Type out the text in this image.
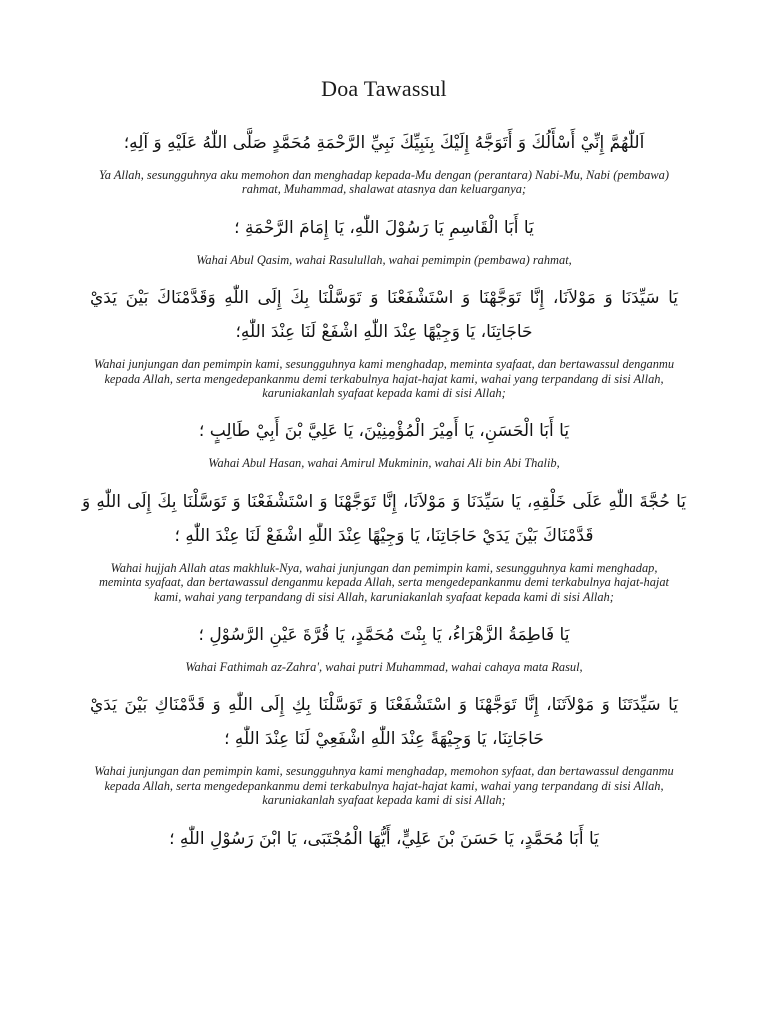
Doa Tawassul

اَللّٰهُمَّ إِنِّيْ أَسْأَلُكَ وَ أَتَوَجَّهُ إِلَيْكَ بِنَبِيِّكَ نَبِيِّ الرَّحْمَةِ مُحَمَّدٍ صَلَّى اللّٰهُ عَلَيْهِ وَ آلِهِ؛

Ya Allah, sesungguhnya aku memohon dan menghadap kepada-Mu dengan (perantara) Nabi-Mu, Nabi (pembawa) rahmat, Muhammad, shalawat atasnya dan keluarganya;

يَا أَبَا الْقَاسِمِ يَا رَسُوْلَ اللّٰهِ، يَا إِمَامَ الرَّحْمَةِ ؛

Wahai Abul Qasim, wahai Rasulullah, wahai pemimpin (pembawa) rahmat,

يَا سَيِّدَنَا وَ مَوْلاَنَا، إِنَّا تَوَجَّهْنَا وَ اسْتَشْفَعْنَا وَ تَوَسَّلْنَا بِكَ إِلَى اللّٰهِ وَقَدَّمْنَاكَ بَيْنَ يَدَيْ حَاجَاتِنَا، يَا وَجِيْهًا عِنْدَ اللّٰهِ اشْفَعْ لَنَا عِنْدَ اللّٰهِ؛

Wahai junjungan dan pemimpin kami, sesungguhnya kami menghadap, meminta syafaat, dan bertawassul denganmu kepada Allah, serta mengedepankanmu demi terkabulnya hajat-hajat kami, wahai yang terpandang di sisi Allah, karuniakanlah syafaat kepada kami di sisi Allah;

يَا أَبَا الْحَسَنِ، يَا أَمِيْرَ الْمُؤْمِنِيْنَ، يَا عَلِيَّ بْنَ أَبِيْ طَالِبٍ ؛

Wahai Abul Hasan, wahai Amirul Mukminin, wahai Ali bin Abi Thalib,

يَا حُجَّةَ اللّٰهِ عَلَى خَلْقِهِ، يَا سَيِّدَنَا وَ مَوْلاَنَا، إِنَّا تَوَجَّهْنَا وَ اسْتَشْفَعْنَا وَ تَوَسَّلْنَا بِكَ إِلَى اللّٰهِ وَ قَدَّمْنَاكَ بَيْنَ يَدَيْ حَاجَاتِنَا، يَا وَجِيْهًا عِنْدَ اللّٰهِ اشْفَعْ لَنَا عِنْدَ اللّٰهِ ؛

Wahai hujjah Allah atas makhluk-Nya, wahai junjungan dan pemimpin kami, sesungguhnya kami menghadap, meminta syafaat, dan bertawassul denganmu kepada Allah, serta mengedepankanmu demi terkabulnya hajat-hajat kami, wahai yang terpandang di sisi Allah, karuniakanlah syafaat kepada kami di sisi Allah;

يَا فَاطِمَةُ الزَّهْرَاءُ، يَا بِنْتَ مُحَمَّدٍ، يَا قُرَّةَ عَيْنِ الرَّسُوْلِ ؛

Wahai Fathimah az-Zahra', wahai putri Muhammad, wahai cahaya mata Rasul,

يَا سَيِّدَتَنَا وَ مَوْلاَتَنَا، إِنَّا تَوَجَّهْنَا وَ اسْتَشْفَعْنَا وَ تَوَسَّلْنَا بِكِ إِلَى اللّٰهِ وَ قَدَّمْنَاكِ بَيْنَ يَدَيْ حَاجَاتِنَا، يَا وَجِيْهَةً عِنْدَ اللّٰهِ اشْفَعِيْ لَنَا عِنْدَ اللّٰهِ ؛

Wahai junjungan dan pemimpin kami, sesungguhnya kami menghadap, memohon syfaat, dan bertawassul denganmu kepada Allah, serta mengedepankanmu demi terkabulnya hajat-hajat kami, wahai yang terpandang di sisi Allah, karuniakanlah syafaat kepada kami di sisi Allah;

يَا أَبَا مُحَمَّدٍ، يَا حَسَنَ بْنَ عَلِيٍّ، أَيُّهَا الْمُجْتَبَى، يَا ابْنَ رَسُوْلِ اللّٰهِ ؛
